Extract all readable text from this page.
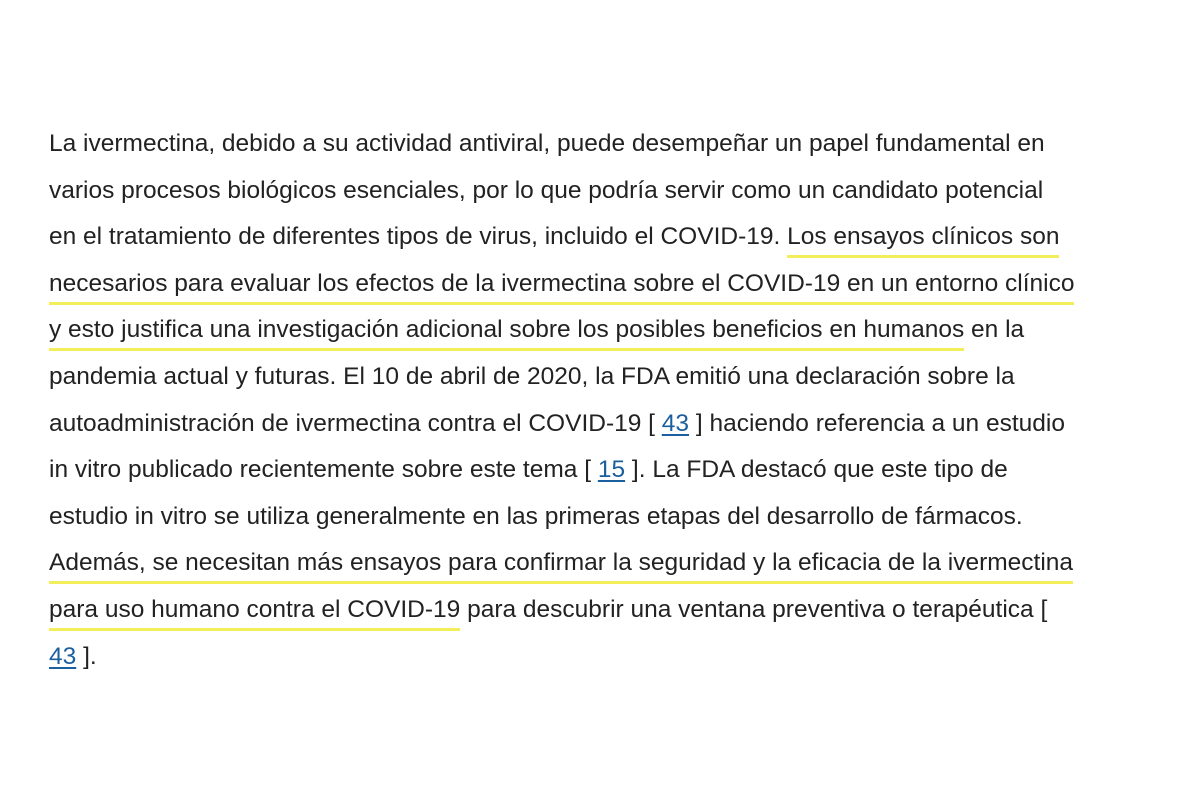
La ivermectina, debido a su actividad antiviral, puede desempeñar un papel fundamental en
varios procesos biológicos esenciales, por lo que podría servir como un candidato potencial
en el tratamiento de diferentes tipos de virus, incluido el COVID-19. Los ensayos clínicos son
necesarios para evaluar los efectos de la ivermectina sobre el COVID-19 en un entorno clínico
y esto justifica una investigación adicional sobre los posibles beneficios en humanos en la
pandemia actual y futuras. El 10 de abril de 2020, la FDA emitió una declaración sobre la
autoadministración de ivermectina contra el COVID-19 [ 43 ] haciendo referencia a un estudio
in vitro publicado recientemente sobre este tema [ 15 ]. La FDA destacó que este tipo de
estudio in vitro se utiliza generalmente en las primeras etapas del desarrollo de fármacos.
Además, se necesitan más ensayos para confirmar la seguridad y la eficacia de la ivermectina
para uso humano contra el COVID-19 para descubrir una ventana preventiva o terapéutica [
43 ].
